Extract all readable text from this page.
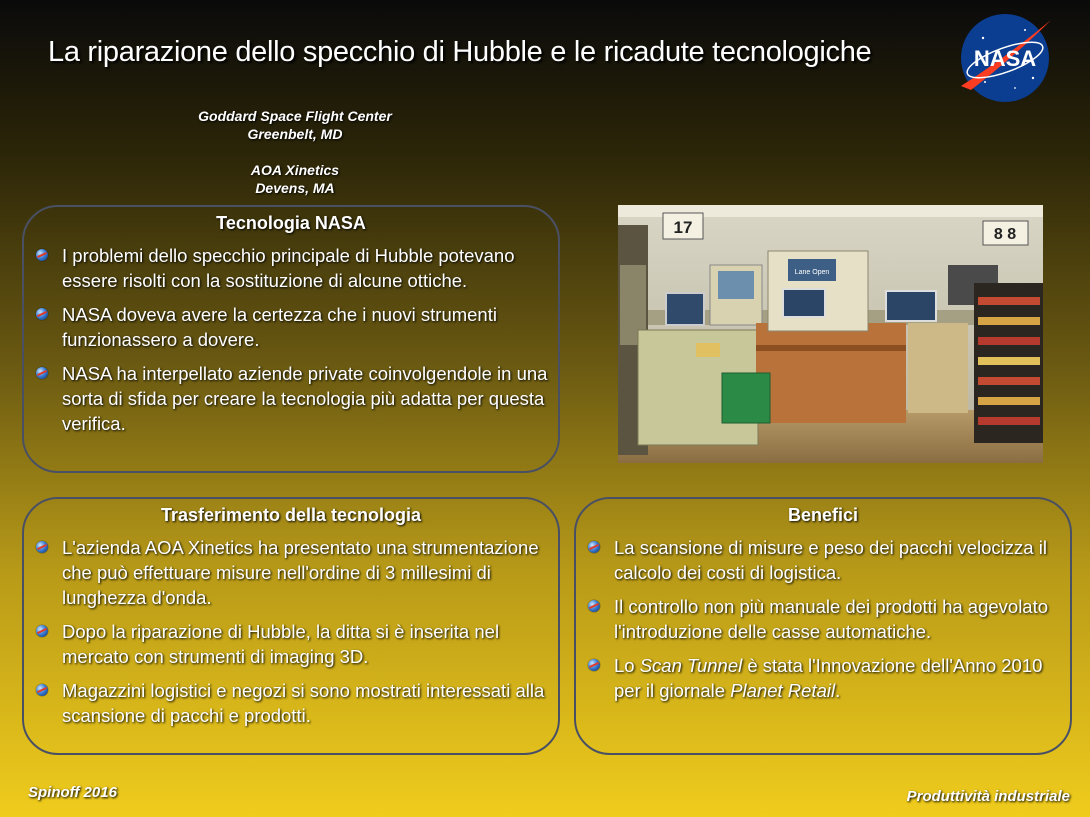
La riparazione dello specchio di Hubble e le ricadute tecnologiche	NASA
Goddard Space Flight Center
Greenbelt, MD
AOA Xinetics
Devens, MA
Tecnologia NASA
I problemi dello specchio principale di Hubble potevano essere risolti con la sostituzione di alcune ottiche.
NASA doveva avere la certezza che i nuovi strumenti funzionassero a dovere.
NASA ha interpellato aziende private coinvolgendole in una sorta di sfida per creare la tecnologia più adatta per questa verifica.
17	8 8
Lane Open
Trasferimento della tecnologia
L'azienda AOA Xinetics ha presentato una strumentazione che può effettuare misure nell'ordine di 3 millesimi di lunghezza d'onda.
Dopo la riparazione di Hubble, la ditta si è inserita nel mercato con strumenti di imaging 3D.
Magazzini logistici e negozi si sono mostrati interessati alla scansione di pacchi e prodotti.
Benefici
La scansione di misure e peso dei pacchi velocizza il calcolo dei costi di logistica.
Il controllo non più manuale dei prodotti ha agevolato l'introduzione delle casse automatiche.
Lo Scan Tunnel è stata l'Innovazione dell'Anno 2010 per il giornale Planet Retail.
Spinoff 2016	Produttività industriale
